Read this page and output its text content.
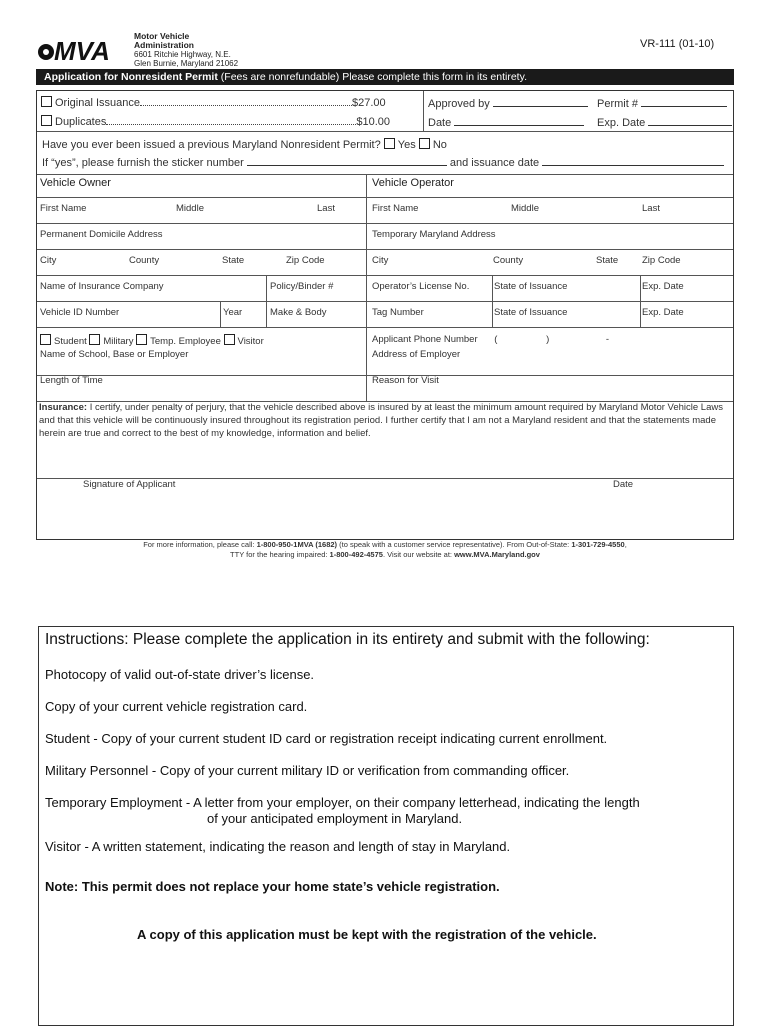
MVA	Motor Vehicle Administration
6601 Ritchie Highway, N.E.
Glen Burnie, Maryland 21062
VR-111 (01-10)
Application for Nonresident Permit (Fees are nonrefundable) Please complete this form in its entirety.
Original Issuance	$27.00
Duplicates	$10.00
Approved by	Permit #
Date	Exp. Date
Have you ever been issued a previous Maryland Nonresident Permit? Yes No
If “yes”, please furnish the sticker number	and issuance date
Vehicle Owner	Vehicle Operator
First Name	Middle	Last	First Name	Middle	Last
Permanent Domicile Address	Temporary Maryland Address
City	County	State	Zip Code	City	County	State	Zip Code
Name of Insurance Company	Policy/Binder #	Operator’s License No.	State of Issuance	Exp. Date
Vehicle ID Number	Year	Make & Body	Tag Number	State of Issuance	Exp. Date
Student Military Temp. Employee Visitor	Applicant Phone Number (	)	-
Name of School, Base or Employer	Address of Employer
Length of Time	Reason for Visit
Insurance: I certify, under penalty of perjury, that the vehicle described above is insured by at least the minimum amount required by Maryland Motor Vehicle Laws and that this vehicle will be continuously insured throughout its registration period. I further certify that I am not a Maryland resident and that the statements made herein are true and correct to the best of my knowledge, information and belief.
Signature of Applicant	Date
For more information, please call: 1-800-950-1MVA (1682) (to speak with a customer service representative). From Out-of-State: 1-301-729-4550,
TTY for the hearing impaired: 1-800-492-4575. Visit our website at: www.MVA.Maryland.gov
Instructions: Please complete the application in its entirety and submit with the following:
Photocopy of valid out-of-state driver’s license.
Copy of your current vehicle registration card.
Student - Copy of your current student ID card or registration receipt indicating current enrollment.
Military Personnel - Copy of your current military ID or verification from commanding officer.
Temporary Employment - A letter from your employer, on their company letterhead, indicating the length
of your anticipated employment in Maryland.
Visitor - A written statement, indicating the reason and length of stay in Maryland.
Note: This permit does not replace your home state’s vehicle registration.
A copy of this application must be kept with the registration of the vehicle.
